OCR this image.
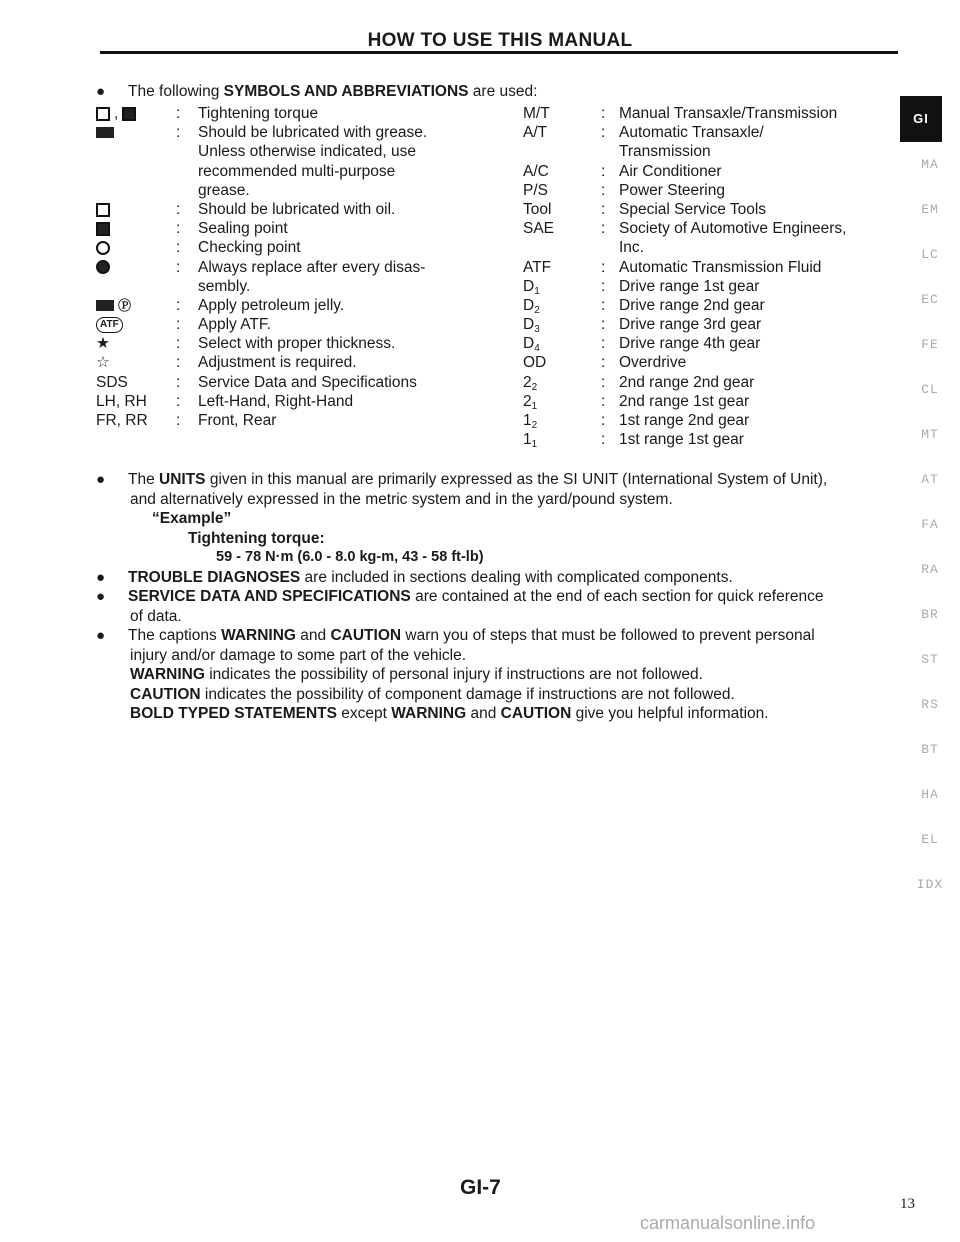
HOW TO USE THIS MANUAL
● The following SYMBOLS AND ABBREVIATIONS are used:
,	:	Tightening torque
:	Should be lubricated with grease.
Unless otherwise indicated, use
recommended multi-purpose
grease.
:	Should be lubricated with oil.
:	Sealing point
:	Checking point
:	Always replace after every disas-
sembly.
Ⓟ	:	Apply petroleum jelly.
ATF	:	Apply ATF.
★	:	Select with proper thickness.
☆	:	Adjustment is required.
SDS	:	Service Data and Specifications
LH, RH :	Left-Hand, Right-Hand
FR, RR :	Front, Rear
M/T	: Manual Transaxle/Transmission
A/T	: Automatic Transaxle/
Transmission
A/C	: Air Conditioner
P/S	: Power Steering
Tool	: Special Service Tools
SAE	: Society of Automotive Engineers,
Inc.
ATF	: Automatic Transmission Fluid
$D_1$	: Drive range 1st gear
$D_2$	: Drive range 2nd gear
$D_3$	: Drive range 3rd gear
$D_4$	: Drive range 4th gear
OD	: Overdrive
$2_2$	: 2nd range 2nd gear
$2_1$	: 2nd range 1st gear
$1_2$	: 1st range 2nd gear
$1_1$	: 1st range 1st gear

● The UNITS given in this manual are primarily expressed as the SI UNIT (International System of Unit),

and alternatively expressed in the metric system and in the yard/pound system.

“Example”

Tightening torque:

59 - 78 N·m (6.0 - 8.0 kg-m, 43 - 58 ft-lb)

● TROUBLE DIAGNOSES are included in sections dealing with complicated components.

● SERVICE DATA AND SPECIFICATIONS are contained at the end of each section for quick reference

of data.

● The captions WARNING and CAUTION warn you of steps that must be followed to prevent personal

injury and/or damage to some part of the vehicle.

WARNING indicates the possibility of personal injury if instructions are not followed.

CAUTION indicates the possibility of component damage if instructions are not followed.

BOLD TYPED STATEMENTS except WARNING and CAUTION give you helpful information.

GI
MA
EM
LC
EC
FE
CL
MT
AT
FA
RA
BR
ST
RS
BT
HA
EL
IDX
GI-7
13
carmanualsonline.info
